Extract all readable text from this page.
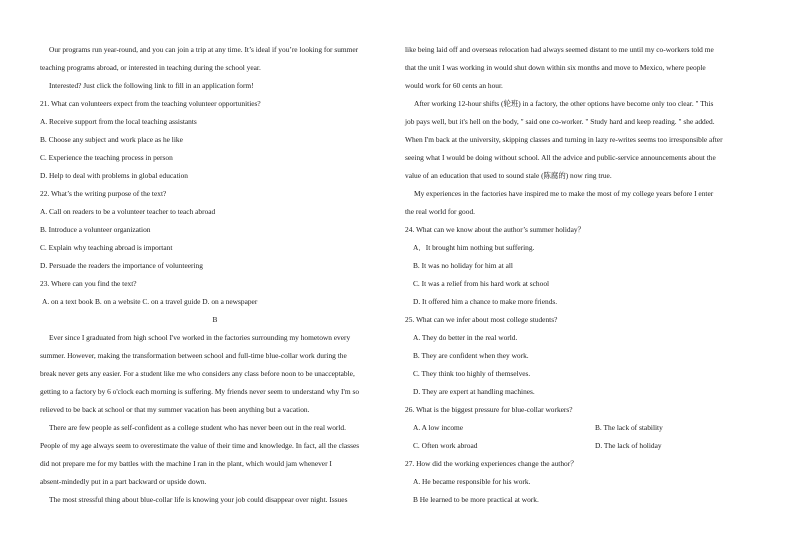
Our programs run year-round, and you can join a trip at any time. It’s ideal if you’re looking for summer
teaching programs abroad, or interested in teaching during the school year.
Interested? Just click the following link to fill in an application form!
21. What can volunteers expect from the teaching volunteer opportunities?
A. Receive support from the local teaching assistants
B. Choose any subject and work place as he like
C. Experience the teaching process in person
D. Help to deal with problems in global education
22. What’s the writing purpose of the text?
A. Call on readers to be a volunteer teacher to teach abroad
B. Introduce a volunteer organization
C. Explain why teaching abroad is important
D. Persuade the readers the importance of volunteering
23. Where can you find the text?
A. on a text book B. on a website C. on a travel guide D. on a newspaper
B
Ever since I graduated from high school I've worked in the factories surrounding my hometown every
summer. However, making the transformation between school and full-time blue-collar work during the
break never gets any easier. For a student like me who considers any class before noon to be unacceptable,
getting to a factory by 6 o'clock each morning is suffering. My friends never seem to understand why I'm so
relieved to be back at school or that my summer vacation has been anything but a vacation.
There are few people as self-confident as a college student who has never been out in the real world.
People of my age always seem to overestimate the value of their time and knowledge. In fact, all the classes
did not prepare me for my battles with the machine I ran in the plant, which would jam whenever I
absent-mindedly put in a part backward or upside down.
The most stressful thing about blue-collar life is knowing your job could disappear over night. Issues
like being laid off and overseas relocation had always seemed distant to me until my co-workers told me
that the unit I was working in would shut down within six months and move to Mexico, where people
would work for 60 cents an hour.
After working 12-hour shifts (轮班) in a factory, the other options have become only too clear. " This
job pays well, but it's hell on the body, " said one co-worker. " Study hard and keep reading. " she added.
When I'm back at the university, skipping classes and turning in lazy re-writes seems too irresponsible after
seeing what I would be doing without school. All the advice and public-service announcements about the
value of an education that used to sound stale (陈腐的) now ring true.
My experiences in the factories have inspired me to make the most of my college years before I enter
the real world for good.
24. What can we know about the author’s summer holiday？
A．It brought him nothing but suffering.
B. It was no holiday for him at all
C. It was a relief from his hard work at school
D. It offered him a chance to make more friends.
25. What can we infer about most college students?
A. They do better in the real world.
B. They are confident when they work.
C. They think too highly of themselves.
D. They are expert at handling machines.
26. What is the biggest pressure for blue-collar workers?
A. A low income	B. The lack of stability
C. Often work abroad	D. The lack of holiday
27. How did the working experiences change the author？
A. He became responsible for his work.
B He learned to be more practical at work.
